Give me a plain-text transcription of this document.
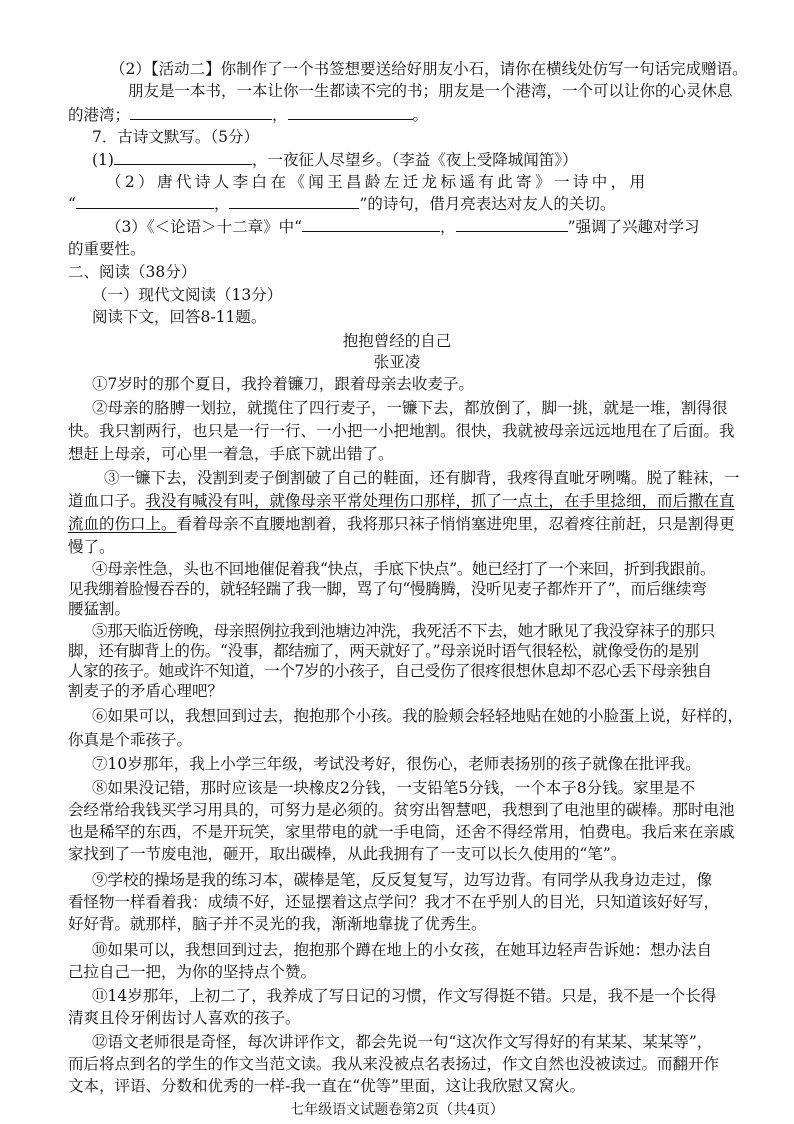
（2）【活动二】你制作了一个书签想要送给好朋友小石，请你在横线处仿写一句话完成赠语。
朋友是一本书，一本让你一生都读不完的书；朋友是一个港湾，一个可以让你的心灵休息
的港湾；	，	。
7．古诗文默写。（5分）
(1)	，一夜征人尽望乡。（李益《夜上受降城闻笛》）
（2）唐代诗人李白在《闻王昌龄左迁龙标遥有此寄》一诗中，用
“	，	”的诗句，借月亮表达对友人的关切。
（3）《＜论语＞十二章》中“	，	”强调了兴趣对学习
的重要性。
二、阅读（38分）
（一）现代文阅读（13分）
阅读下文，回答8-11题。
抱抱曾经的自己
张亚凌
①7岁时的那个夏日，我拎着镰刀，跟着母亲去收麦子。
②母亲的胳膊一划拉，就揽住了四行麦子，一镰下去，都放倒了，脚一挑，就是一堆，割得很
快。我只割两行，也只是一行一行、一小把一小把地割。很快，我就被母亲远远地甩在了后面。我
想赶上母亲，可心里一着急，手底下就出错了。
③一镰下去，没割到麦子倒割破了自己的鞋面，还有脚背，我疼得直呲牙咧嘴。脱了鞋袜，一
道血口子。我没有喊没有叫，就像母亲平常处理伤口那样，抓了一点土，在手里捻细，而后撒在直
流血的伤口上。看着母亲不直腰地割着，我将那只袜子悄悄塞进兜里，忍着疼往前赶，只是割得更
慢了。
④母亲性急，头也不回地催促着我“快点，手底下快点”。她已经打了一个来回，折到我跟前。
见我绷着脸慢吞吞的，就轻轻踹了我一脚，骂了句“慢腾腾，没听见麦子都炸开了”，而后继续弯
腰猛割。
⑤那天临近傍晚，母亲照例拉我到池塘边冲洗，我死活不下去，她才瞅见了我没穿袜子的那只
脚，还有脚背上的伤。“没事，都结痂了，两天就好了。”母亲说时语气很轻松，就像受伤的是别
人家的孩子。她或许不知道，一个7岁的小孩子，自己受伤了很疼很想休息却不忍心丢下母亲独自
割麦子的矛盾心理吧？
⑥如果可以，我想回到过去，抱抱那个小孩。我的脸颊会轻轻地贴在她的小脸蛋上说，好样的，
你真是个乖孩子。
⑦10岁那年，我上小学三年级，考试没考好，很伤心，老师表扬别的孩子就像在批评我。
⑧如果没记错，那时应该是一块橡皮2分钱，一支铅笔5分钱，一个本子8分钱。家里是不
会经常给我钱买学习用具的，可努力是必须的。贫穷出智慧吧，我想到了电池里的碳棒。那时电池
也是稀罕的东西，不是开玩笑，家里带电的就一手电筒，还舍不得经常用，怕费电。我后来在亲戚
家找到了一节废电池，砸开，取出碳棒，从此我拥有了一支可以长久使用的“笔”。
⑨学校的操场是我的练习本，碳棒是笔，反反复复写，边写边背。有同学从我身边走过，像
看怪物一样看着我：成绩不好，还显摆着这点学问？我才不在乎别人的目光，只知道该好好写，
好好背。就那样，脑子并不灵光的我，渐渐地靠拢了优秀生。
⑩如果可以，我想回到过去，抱抱那个蹲在地上的小女孩，在她耳边轻声告诉她：想办法自
己拉自己一把，为你的坚持点个赞。
⑪14岁那年，上初二了，我养成了写日记的习惯，作文写得挺不错。只是，我不是一个长得
清爽且伶牙俐齿讨人喜欢的孩子。
⑫语文老师很是奇怪，每次讲评作文，都会先说一句“这次作文写得好的有某某、某某等”，
而后将点到名的学生的作文当范文读。我从来没被点名表扬过，作文自然也没被读过。而翻开作
文本，评语、分数和优秀的一样-我一直在“优等”里面，这让我欣慰又窝火。
七年级语文试题卷第2页（共4页）
